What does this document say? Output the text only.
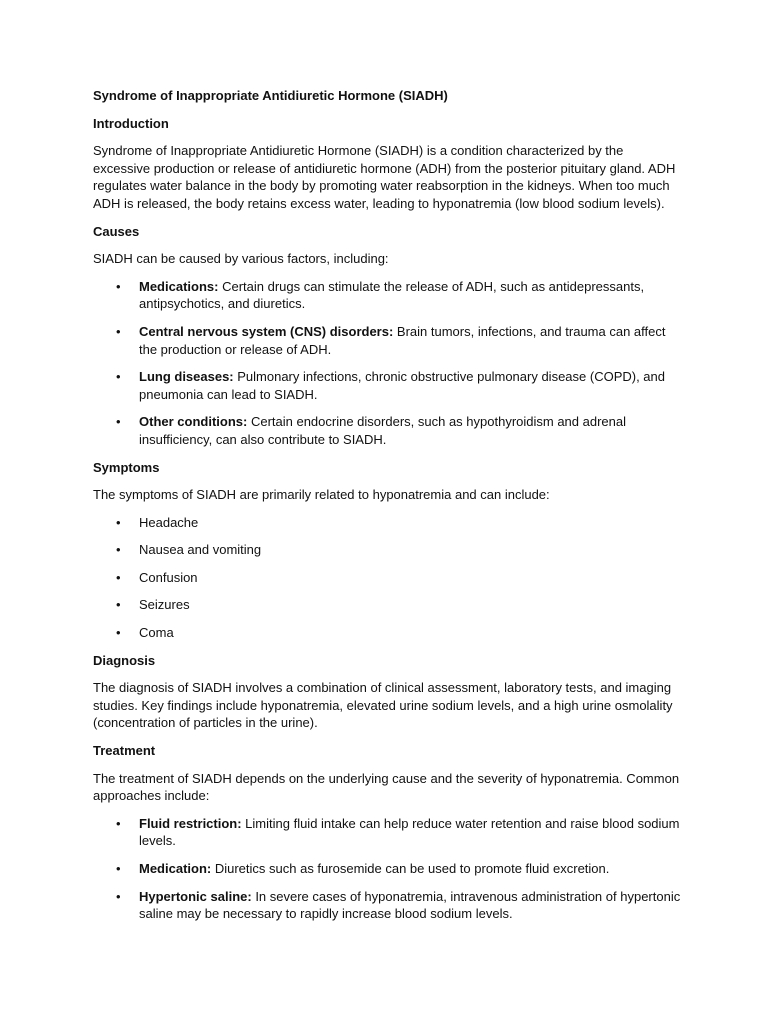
Syndrome of Inappropriate Antidiuretic Hormone (SIADH)

Introduction

Syndrome of Inappropriate Antidiuretic Hormone (SIADH) is a condition characterized by the excessive production or release of antidiuretic hormone (ADH) from the posterior pituitary gland. ADH regulates water balance in the body by promoting water reabsorption in the kidneys. When too much ADH is released, the body retains excess water, leading to hyponatremia (low blood sodium levels).

Causes

SIADH can be caused by various factors, including:

• Medications: Certain drugs can stimulate the release of ADH, such as antidepressants, antipsychotics, and diuretics.
• Central nervous system (CNS) disorders: Brain tumors, infections, and trauma can affect the production or release of ADH.
• Lung diseases: Pulmonary infections, chronic obstructive pulmonary disease (COPD), and pneumonia can lead to SIADH.
• Other conditions: Certain endocrine disorders, such as hypothyroidism and adrenal insufficiency, can also contribute to SIADH.

Symptoms

The symptoms of SIADH are primarily related to hyponatremia and can include:

• Headache
• Nausea and vomiting
• Confusion
• Seizures
• Coma

Diagnosis

The diagnosis of SIADH involves a combination of clinical assessment, laboratory tests, and imaging studies. Key findings include hyponatremia, elevated urine sodium levels, and a high urine osmolality (concentration of particles in the urine).

Treatment

The treatment of SIADH depends on the underlying cause and the severity of hyponatremia. Common approaches include:

• Fluid restriction: Limiting fluid intake can help reduce water retention and raise blood sodium levels.
• Medication: Diuretics such as furosemide can be used to promote fluid excretion.
• Hypertonic saline: In severe cases of hyponatremia, intravenous administration of hypertonic saline may be necessary to rapidly increase blood sodium levels.
